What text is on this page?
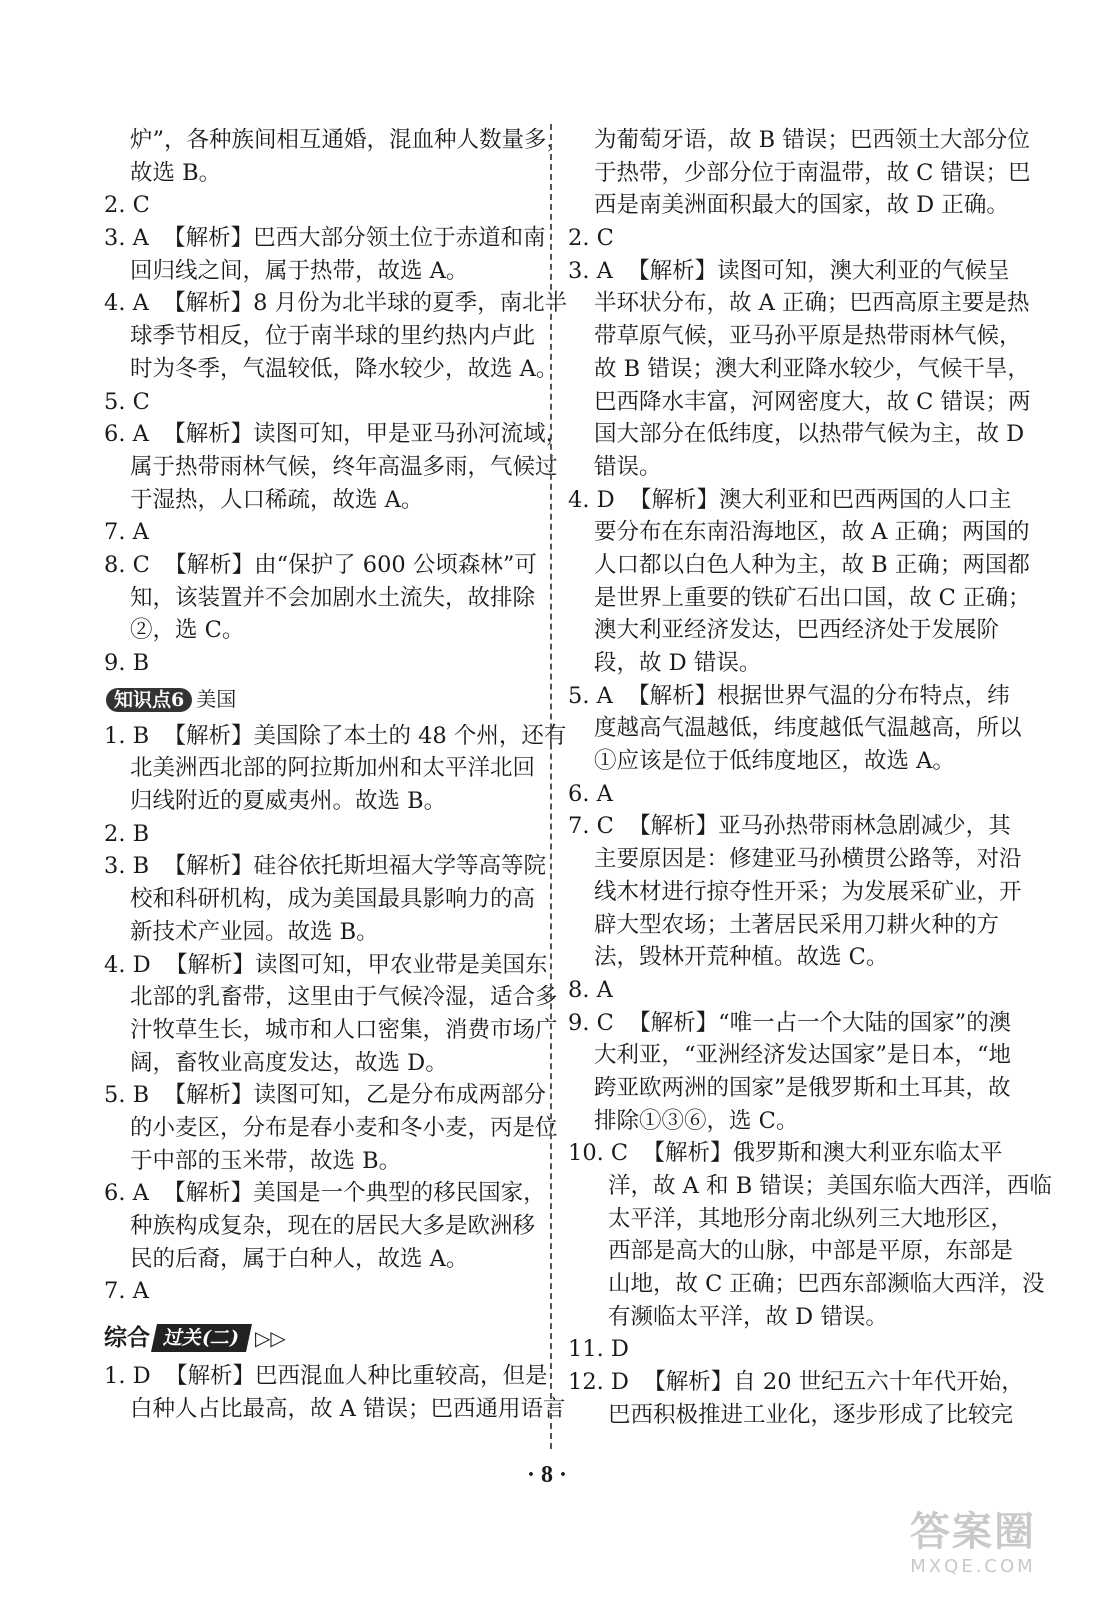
炉”，各种族间相互通婚，混血种人数量多，
故选 B。
2. C
3. A  【解析】巴西大部分领土位于赤道和南
回归线之间，属于热带，故选 A。
4. A  【解析】8 月份为北半球的夏季，南北半
球季节相反，位于南半球的里约热内卢此
时为冬季，气温较低，降水较少，故选 A。
5. C
6. A  【解析】读图可知，甲是亚马孙河流域，
属于热带雨林气候，终年高温多雨，气候过
于湿热，人口稀疏，故选 A。
7. A
8. C  【解析】由“保护了 600 公顷森林”可
知，该装置并不会加剧水土流失，故排除
②，选 C。
9. B
知识点6 美国
1. B  【解析】美国除了本土的 48 个州，还有
北美洲西北部的阿拉斯加州和太平洋北回
归线附近的夏威夷州。故选 B。
2. B
3. B  【解析】硅谷依托斯坦福大学等高等院
校和科研机构，成为美国最具影响力的高
新技术产业园。故选 B。
4. D  【解析】读图可知，甲农业带是美国东
北部的乳畜带，这里由于气候冷湿，适合多
汁牧草生长，城市和人口密集，消费市场广
阔，畜牧业高度发达，故选 D。
5. B  【解析】读图可知，乙是分布成两部分
的小麦区，分布是春小麦和冬小麦，丙是位
于中部的玉米带，故选 B。
6. A  【解析】美国是一个典型的移民国家，
种族构成复杂，现在的居民大多是欧洲移
民的后裔，属于白种人，故选 A。
7. A
综合 过关(二) ▷▷
1. D  【解析】巴西混血人种比重较高，但是
白种人占比最高，故 A 错误；巴西通用语言
为葡萄牙语，故 B 错误；巴西领土大部分位
于热带，少部分位于南温带，故 C 错误；巴
西是南美洲面积最大的国家，故 D 正确。
2. C
3. A  【解析】读图可知，澳大利亚的气候呈
半环状分布，故 A 正确；巴西高原主要是热
带草原气候，亚马孙平原是热带雨林气候，
故 B 错误；澳大利亚降水较少，气候干旱，
巴西降水丰富，河网密度大，故 C 错误；两
国大部分在低纬度，以热带气候为主，故 D
错误。
4. D  【解析】澳大利亚和巴西两国的人口主
要分布在东南沿海地区，故 A 正确；两国的
人口都以白色人种为主，故 B 正确；两国都
是世界上重要的铁矿石出口国，故 C 正确；
澳大利亚经济发达，巴西经济处于发展阶
段，故 D 错误。
5. A  【解析】根据世界气温的分布特点，纬
度越高气温越低，纬度越低气温越高，所以
①应该是位于低纬度地区，故选 A。
6. A
7. C  【解析】亚马孙热带雨林急剧减少，其
主要原因是：修建亚马孙横贯公路等，对沿
线木材进行掠夺性开采；为发展采矿业，开
辟大型农场；土著居民采用刀耕火种的方
法，毁林开荒种植。故选 C。
8. A
9. C  【解析】“唯一占一个大陆的国家”的澳
大利亚，“亚洲经济发达国家”是日本，“地
跨亚欧两洲的国家”是俄罗斯和土耳其，故
排除①③⑥，选 C。
10. C  【解析】俄罗斯和澳大利亚东临太平
洋，故 A 和 B 错误；美国东临大西洋，西临
太平洋，其地形分南北纵列三大地形区，
西部是高大的山脉，中部是平原，东部是
山地，故 C 正确；巴西东部濒临大西洋，没
有濒临太平洋，故 D 错误。
11. D
12. D  【解析】自 20 世纪五六十年代开始，
巴西积极推进工业化，逐步形成了比较完
· 8 ·
答案圈
MXQE.COM
